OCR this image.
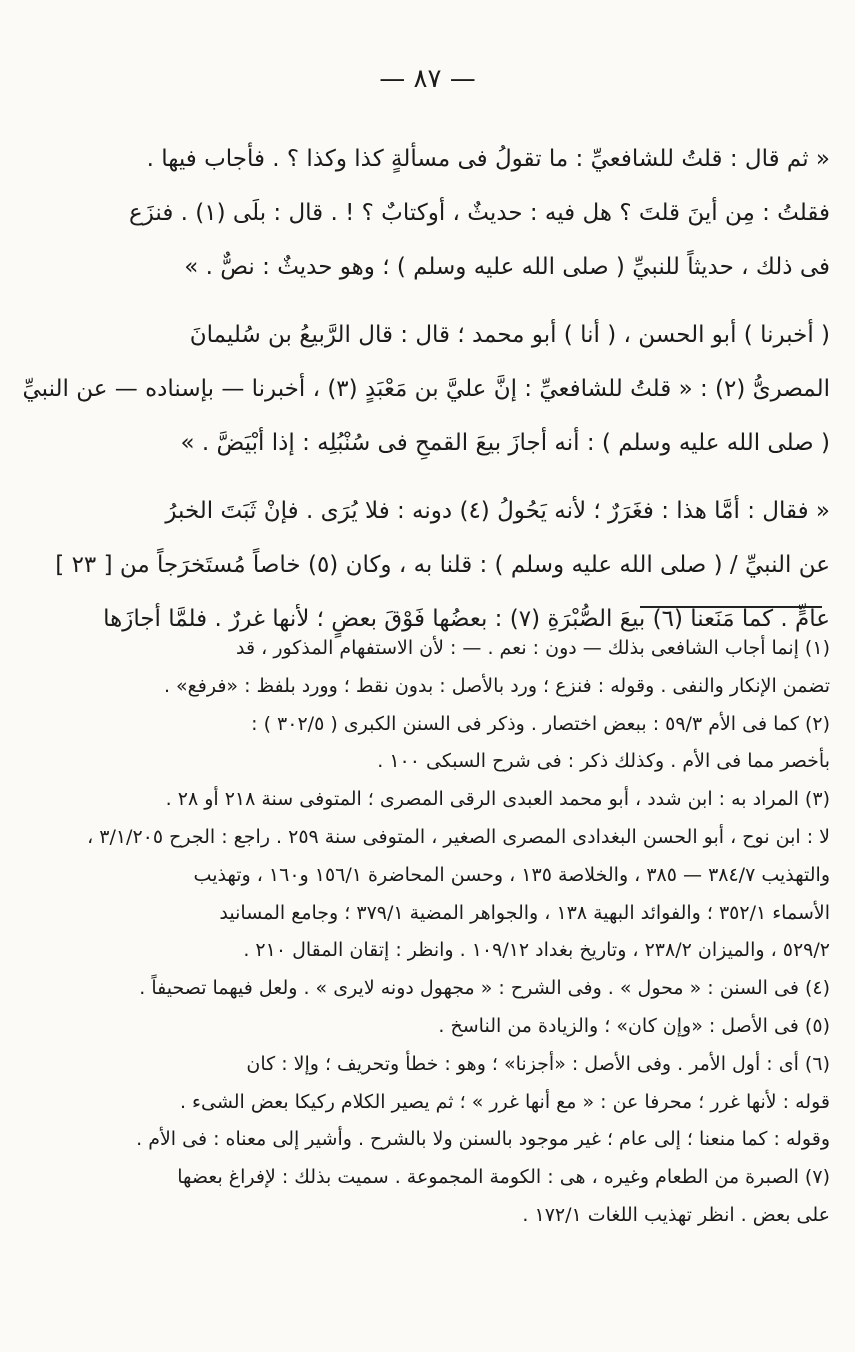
— ٨٧ —
« ثم قال : قلتُ للشافعيِّ : ما تقولُ فى مسألةٍ كذا وكذا ؟ . فأجاب فيها .
فقلتُ : مِن أينَ قلتَ ؟ هل فيه : حديثٌ ، أوكتابٌ ؟ ! . قال : بلَى (١) . فنزَع
فى ذلك ، حديثاً للنبيِّ ( صلى الله عليه وسلم ) ؛ وهو حديثٌ : نصٌّ . »
( أخبرنا ) أبو الحسن ، ( أنا ) أبو محمد ؛ قال : قال الرَّبيعُ بن سُليمانَ
المصرىُّ (٢) : « قلتُ للشافعيِّ : إنَّ عليَّ بن مَعْبَدٍ (٣) ، أخبرنا — بإسناده — عن النبيِّ
( صلى الله عليه وسلم ) : أنه أجازَ بيعَ القمحِ فى سُنْبُلِه : إذا أبْيَضَّ . »
« فقال : أمَّا هذا : فغَرَرٌ ؛ لأنه يَحُولُ (٤) دونه : فلا يُرَى . فإنْ ثَبَتَ الخبرُ
عن النبيِّ / ( صلى الله عليه وسلم ) : قلنا به ، وكان (٥) خاصاً مُستَخرَجاً من [ ٢٣ ]
عامٍّ . كما مَنَعنا (٦) بيعَ الصُّبْرَةِ (٧) : بعضُها فَوْقَ بعضٍ ؛ لأنها غررٌ . فلمَّا أجازَها
(١) إنما أجاب الشافعى بذلك — دون : نعم . — : لأن الاستفهام المذكور ، قد
تضمن الإنكار والنفى . وقوله : فنزع ؛ ورد بالأصل : بدون نقط ؛ وورد بلفظ : «فرفع» .
(٢) كما فى الأم ٥٩/٣ : ببعض اختصار . وذكر فى السنن الكبرى ( ٣٠٢/٥ ) :
بأخصر مما فى الأم . وكذلك ذكر : فى شرح السبكى ١٠٠ .
(٣) المراد به : ابن شدد ، أبو محمد العبدى الرقى المصرى ؛ المتوفى سنة ٢١٨ أو ٢٨ .
لا : ابن نوح ، أبو الحسن البغدادى المصرى الصغير ، المتوفى سنة ٢٥٩ . راجع : الجرح ٣/١/٢٠٥ ،
والتهذيب ٣٨٤/٧ — ٣٨٥ ، والخلاصة ١٣٥ ، وحسن المحاضرة ١٥٦/١ و١٦٠ ، وتهذيب
الأسماء ٣٥٢/١ ؛ والفوائد البهية ١٣٨ ، والجواهر المضية ٣٧٩/١ ؛ وجامع المسانيد
٥٢٩/٢ ، والميزان ٢٣٨/٢ ، وتاريخ بغداد ١٠٩/١٢ . وانظر : إتقان المقال ٢١٠ .
(٤) فى السنن : « محول » . وفى الشرح : « مجهول دونه لايرى » . ولعل فيهما تصحيفاً .
(٥) فى الأصل : «وإن كان» ؛ والزيادة من الناسخ .
(٦) أى : أول الأمر . وفى الأصل : «أجزنا» ؛ وهو : خطأ وتحريف ؛ وإلا : كان
قوله : لأنها غرر ؛ محرفا عن : « مع أنها غرر » ؛ ثم يصير الكلام ركيكا بعض الشىء .
وقوله : كما منعنا ؛ إلى عام ؛ غير موجود بالسنن ولا بالشرح . وأشير إلى معناه : فى الأم .
(٧) الصبرة من الطعام وغيره ، هى : الكومة المجموعة . سميت بذلك : لإفراغ بعضها
على بعض . انظر تهذيب اللغات ١٧٢/١ .
